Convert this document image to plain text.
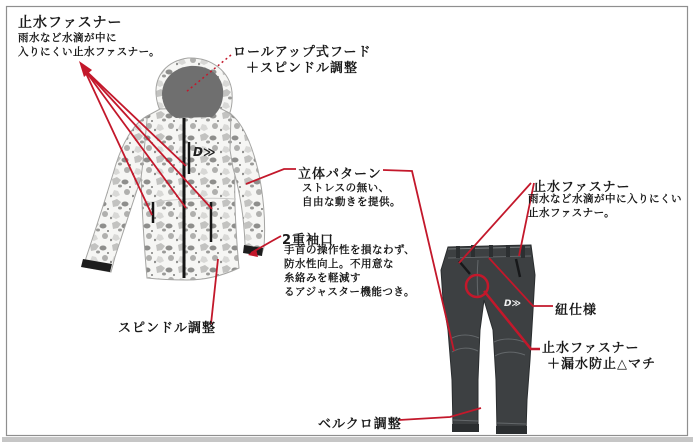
D≫
D≫
止水ファスナー
雨水など水滴が中に
入りにくい止水ファスナー。	ロールアップ式フード
＋スピンドル調整
立体パターン
ストレスの無い、
自由な動きを提供。
2重袖口
手首の操作性を損なわず、
防水性向上。不用意な
糸絡みを軽減す
るアジャスター機能つき。
スピンドル調整
止水ファスナー
雨水など水滴が中に入りにくい
止水ファスナー。
紐仕様
止水ファスナー
＋漏水防止△マチ
ベルクロ調整
